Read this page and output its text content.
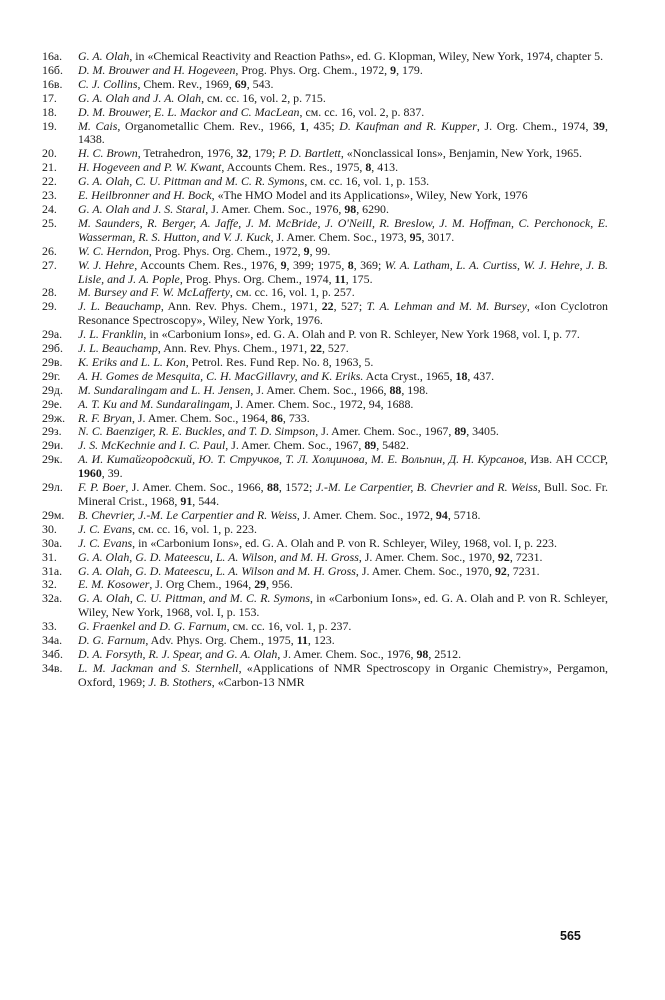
16а.	G. A. Olah, in «Chemical Reactivity and Reaction Paths», ed. G. Klopman, Wiley, New York, 1974, chapter 5.

16б.	D. M. Brouwer and H. Hogeveen, Prog. Phys. Org. Chem., 1972, 9, 179.

16в.	C. J. Collins, Chem. Rev., 1969, 69, 543.

17.	G. A. Olah and J. A. Olah, см. cc. 16, vol. 2, p. 715.

18.	D. M. Brouwer, E. L. Mackor and C. MacLean, см. cc. 16, vol. 2, p. 837.

19.	M. Cais, Organometallic Chem. Rev., 1966, 1, 435; D. Kaufman and R. Kupper, J. Org. Chem., 1974, 39, 1438.

20.	H. C. Brown, Tetrahedron, 1976, 32, 179; P. D. Bartlett, «Nonclassical Ions», Benjamin, New York, 1965.

21.	H. Hogeveen and P. W. Kwant, Accounts Chem. Res., 1975, 8, 413.

22.	G. A. Olah, C. U. Pittman and M. C. R. Symons, см. cc. 16, vol. 1, p. 153.

23.	E. Heilbronner and H. Bock, «The HMO Model and its Applications», Wiley, New York, 1976

24.	G. A. Olah and J. S. Staral, J. Amer. Chem. Soc., 1976, 98, 6290.

25.	M. Saunders, R. Berger, A. Jaffe, J. M. McBride, J. O'Neill, R. Breslow, J. M. Hoffman, C. Perchonock, E. Wasserman, R. S. Hutton, and V. J. Kuck, J. Amer. Chem. Soc., 1973, 95, 3017.

26.	W. C. Herndon, Prog. Phys. Org. Chem., 1972, 9, 99.

27.	W. J. Hehre, Accounts Chem. Res., 1976, 9, 399; 1975, 8, 369; W. A. Latham, L. A. Curtiss, W. J. Hehre, J. B. Lisle, and J. A. Pople, Prog. Phys. Org. Chem., 1974, 11, 175.

28.	M. Bursey and F. W. McLafferty, см. cc. 16, vol. 1, p. 257.

29.	J. L. Beauchamp, Ann. Rev. Phys. Chem., 1971, 22, 527; T. A. Lehman and M. M. Bursey, «Ion Cyclotron Resonance Spectroscopy», Wiley, New York, 1976.

29а.	J. L. Franklin, in «Carbonium Ions», ed. G. A. Olah and P. von R. Schleyer, New York 1968, vol. I, p. 77.

29б.	J. L. Beauchamp, Ann. Rev. Phys. Chem., 1971, 22, 527.

29в.	K. Eriks and L. L. Kon, Petrol. Res. Fund Rep. No. 8, 1963, 5.

29г.	A. H. Gomes de Mesquita, C. H. MacGillavry, and K. Eriks. Acta Cryst., 1965, 18, 437.

29д.	M. Sundaralingam and L. H. Jensen, J. Amer. Chem. Soc., 1966, 88, 198.

29е.	A. T. Ku and M. Sundaralingam, J. Amer. Chem. Soc., 1972, 94, 1688.

29ж.	R. F. Bryan, J. Amer. Chem. Soc., 1964, 86, 733.

29з.	N. C. Baenziger, R. E. Buckles, and T. D. Simpson, J. Amer. Chem. Soc., 1967, 89, 3405.

29и.	J. S. McKechnie and I. C. Paul, J. Amer. Chem. Soc., 1967, 89, 5482.

29к.	А. И. Китайгородский, Ю. Т. Стручков, Т. Л. Холцинова, М. Е. Вольпин, Д. Н. Курсанов, Изв. АН СССР, 1960, 39.

29л.	F. P. Boer, J. Amer. Chem. Soc., 1966, 88, 1572; J.-M. Le Carpentier, B. Chevrier and R. Weiss, Bull. Soc. Fr. Mineral Crist., 1968, 91, 544.

29м.	B. Chevrier, J.-M. Le Carpentier and R. Weiss, J. Amer. Chem. Soc., 1972, 94, 5718.

30.	J. C. Evans, см. cc. 16, vol. 1, p. 223.

30а.	J. C. Evans, in «Carbonium Ions», ed. G. A. Olah and P. von R. Schleyer, Wiley, 1968, vol. I, p. 223.

31.	G. A. Olah, G. D. Mateescu, L. A. Wilson, and M. H. Gross, J. Amer. Chem. Soc., 1970, 92, 7231.

31а.	G. A. Olah, G. D. Mateescu, L. A. Wilson and M. H. Gross, J. Amer. Chem. Soc., 1970, 92, 7231.

32.	E. M. Kosower, J. Org Chem., 1964, 29, 956.

32а.	G. A. Olah, C. U. Pittman, and M. C. R. Symons, in «Carbonium Ions», ed. G. A. Olah and P. von R. Schleyer, Wiley, New York, 1968, vol. I, p. 153.

33.	G. Fraenkel and D. G. Farnum, см. cc. 16, vol. 1, p. 237.

34а.	D. G. Farnum, Adv. Phys. Org. Chem., 1975, 11, 123.

34б.	D. A. Forsyth, R. J. Spear, and G. A. Olah, J. Amer. Chem. Soc., 1976, 98, 2512.

34в.	L. M. Jackman and S. Sternhell, «Applications of NMR Spectroscopy in Organic Chemistry», Pergamon, Oxford, 1969; J. B. Stothers, «Carbon-13 NMR

565
